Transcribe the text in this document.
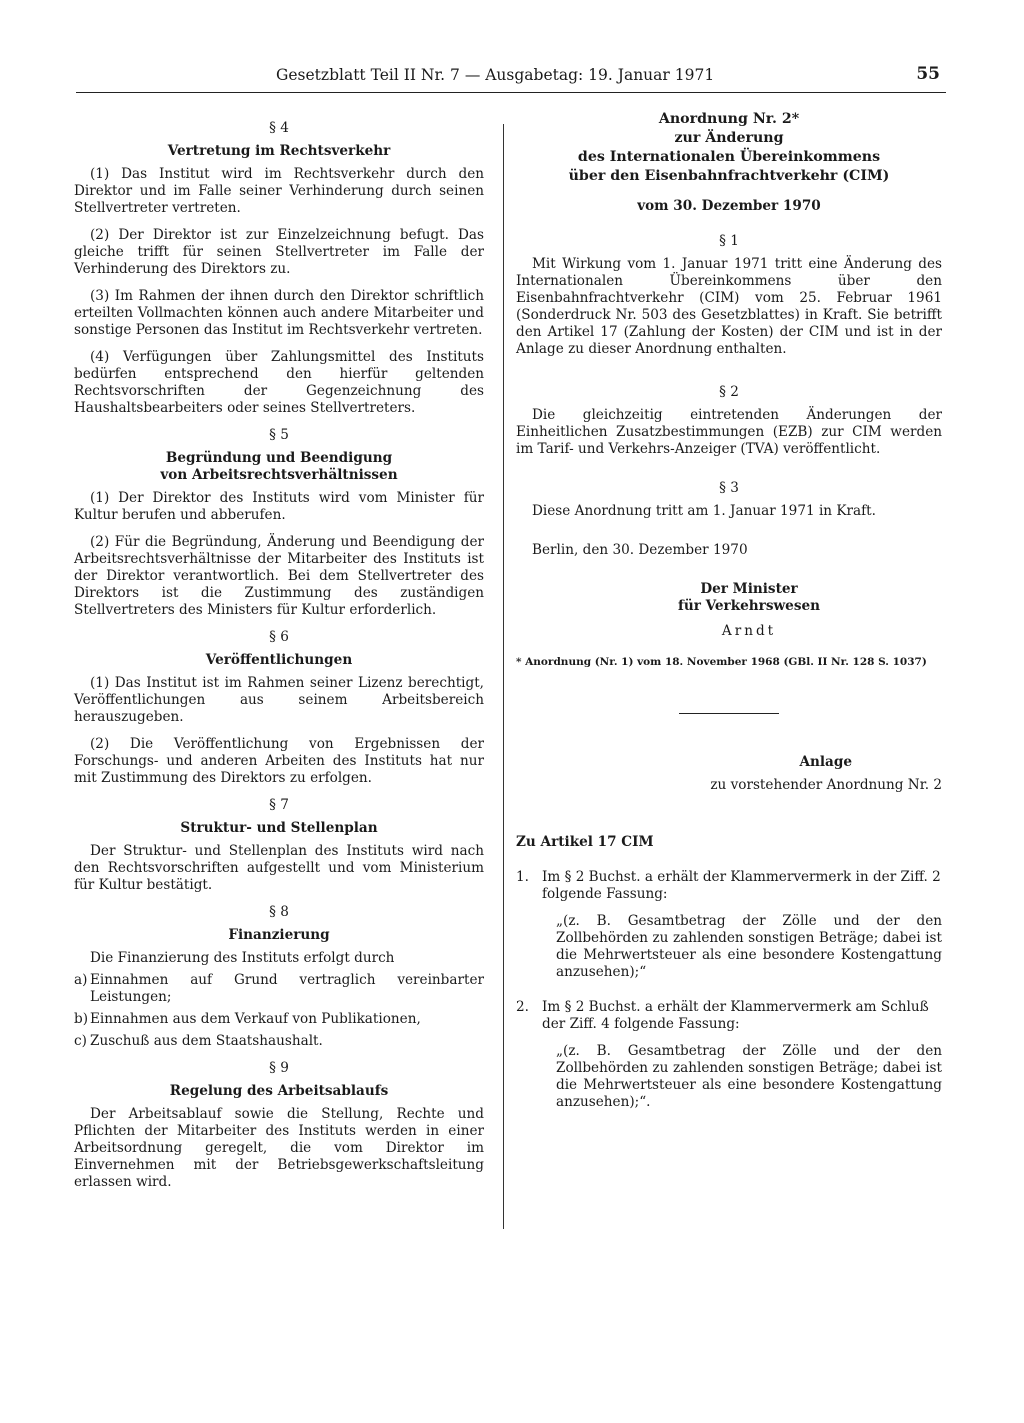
Gesetzblatt Teil II Nr. 7 — Ausgabetag: 19. Januar 1971	55
§ 4
Vertretung im Rechtsverkehr

(1) Das Institut wird im Rechtsverkehr durch den Direktor und im Falle seiner Verhinderung durch seinen Stellvertreter vertreten.

(2) Der Direktor ist zur Einzelzeichnung befugt. Das gleiche trifft für seinen Stellvertreter im Falle der Verhinderung des Direktors zu.

(3) Im Rahmen der ihnen durch den Direktor schriftlich erteilten Vollmachten können auch andere Mitarbeiter und sonstige Personen das Institut im Rechtsverkehr vertreten.

(4) Verfügungen über Zahlungsmittel des Instituts bedürfen entsprechend den hierfür geltenden Rechtsvorschriften der Gegenzeichnung des Haushaltsbearbeiters oder seines Stellvertreters.

§ 5
Begründung und Beendigung
von Arbeitsrechtsverhältnissen

(1) Der Direktor des Instituts wird vom Minister für Kultur berufen und abberufen.

(2) Für die Begründung, Änderung und Beendigung der Arbeitsrechtsverhältnisse der Mitarbeiter des Instituts ist der Direktor verantwortlich. Bei dem Stellvertreter des Direktors ist die Zustimmung des zuständigen Stellvertreters des Ministers für Kultur erforderlich.

§ 6
Veröffentlichungen

(1) Das Institut ist im Rahmen seiner Lizenz berechtigt, Veröffentlichungen aus seinem Arbeitsbereich herauszugeben.

(2) Die Veröffentlichung von Ergebnissen der Forschungs- und anderen Arbeiten des Instituts hat nur mit Zustimmung des Direktors zu erfolgen.

§ 7
Struktur- und Stellenplan

Der Struktur- und Stellenplan des Instituts wird nach den Rechtsvorschriften aufgestellt und vom Ministerium für Kultur bestätigt.

§ 8
Finanzierung

Die Finanzierung des Instituts erfolgt durch

a) Einnahmen auf Grund vertraglich vereinbarter Leistungen;
b) Einnahmen aus dem Verkauf von Publikationen,
c) Zuschuß aus dem Staatshaushalt.
§ 9
Regelung des Arbeitsablaufs

Der Arbeitsablauf sowie die Stellung, Rechte und Pflichten der Mitarbeiter des Instituts werden in einer Arbeitsordnung geregelt, die vom Direktor im Einvernehmen mit der Betriebsgewerkschaftsleitung erlassen wird.

Anordnung Nr. 2*
zur Änderung
des Internationalen Übereinkommens
über den Eisenbahnfrachtverkehr (CIM)
vom 30. Dezember 1970
§ 1

Mit Wirkung vom 1. Januar 1971 tritt eine Änderung des Internationalen Übereinkommens über den Eisenbahnfrachtverkehr (CIM) vom 25. Februar 1961 (Sonderdruck Nr. 503 des Gesetzblattes) in Kraft. Sie betrifft den Artikel 17 (Zahlung der Kosten) der CIM und ist in der Anlage zu dieser Anordnung enthalten.

§ 2

Die gleichzeitig eintretenden Änderungen der Einheitlichen Zusatzbestimmungen (EZB) zur CIM werden im Tarif- und Verkehrs-Anzeiger (TVA) veröffentlicht.

§ 3

Diese Anordnung tritt am 1. Januar 1971 in Kraft.

Berlin, den 30. Dezember 1970

Der Minister
für Verkehrswesen
Arndt
* Anordnung (Nr. 1) vom 18. November 1968 (GBl. II Nr. 128 S. 1037)
Anlage
zu vorstehender Anordnung Nr. 2
Zu Artikel 17 CIM
1. Im § 2 Buchst. a erhält der Klammervermerk in der Ziff. 2 folgende Fassung:
„(z. B. Gesamtbetrag der Zölle und der den Zollbehörden zu zahlenden sonstigen Beträge; dabei ist die Mehrwertsteuer als eine besondere Kostengattung anzusehen);“
2. Im § 2 Buchst. a erhält der Klammervermerk am Schluß der Ziff. 4 folgende Fassung:
„(z. B. Gesamtbetrag der Zölle und der den Zollbehörden zu zahlenden sonstigen Beträge; dabei ist die Mehrwertsteuer als eine besondere Kostengattung anzusehen);“.
